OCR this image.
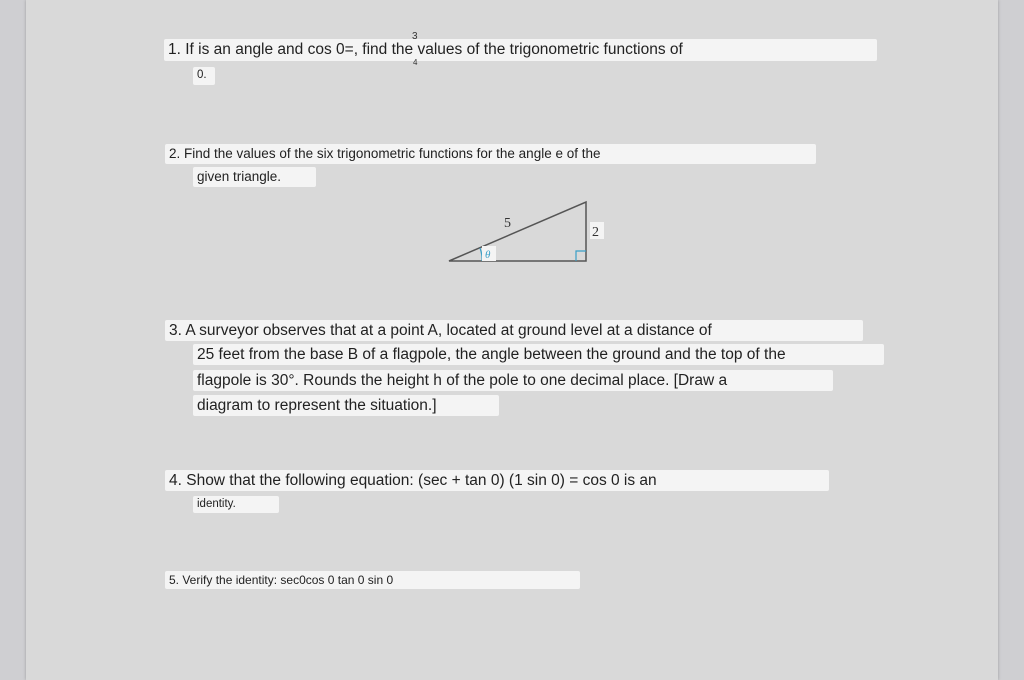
1. If is an angle and cos 0=, find the values of the trigonometric functions of
3
4
0.
2. Find the values of the six trigonometric functions for the angle e of the
given triangle.
5
2
θ
3. A surveyor observes that at a point A, located at ground level at a distance of
25 feet from the base B of a flagpole, the angle between the ground and the top of the
flagpole is 30°. Rounds the height h of the pole to one decimal place. [Draw a
diagram to represent the situation.]
4. Show that the following equation: (sec + tan 0) (1 sin 0) = cos 0 is an
identity.
5. Verify the identity: sec0cos 0 tan 0 sin 0
